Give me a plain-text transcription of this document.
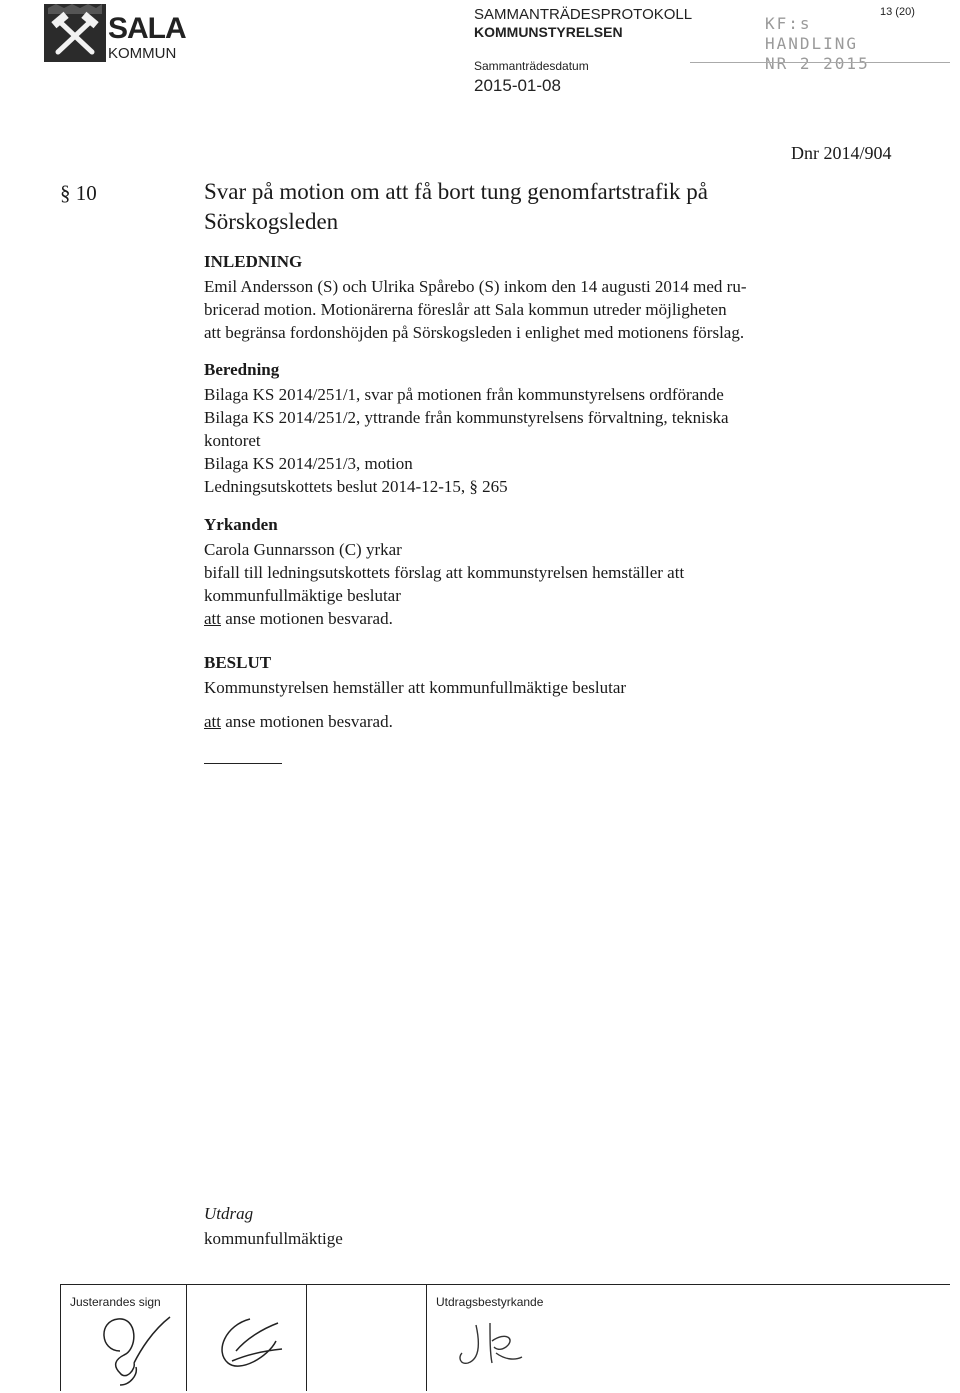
SALA
KOMMUN
SAMMANTRÄDESPROTOKOLL
KOMMUNSTYRELSEN
Sammanträdesdatum
2015-01-08
13 (20)
KF:s
HANDLING
NR 2 2015
Dnr 2014/904
§ 10	Svar på motion om att få bort tung genomfartstrafik på
Sörskogsleden
INLEDNING
Emil Andersson (S) och Ulrika Spårebo (S) inkom den 14 augusti 2014 med ru-
bricerad motion. Motionärerna föreslår att Sala kommun utreder möjligheten
att begränsa fordonshöjden på Sörskogsleden i enlighet med motionens förslag.
Beredning
Bilaga KS 2014/251/1, svar på motionen från kommunstyrelsens ordförande
Bilaga KS 2014/251/2, yttrande från kommunstyrelsens förvaltning, tekniska
kontoret
Bilaga KS 2014/251/3, motion
Ledningsutskottets beslut 2014-12-15, § 265
Yrkanden
Carola Gunnarsson (C) yrkar
bifall till ledningsutskottets förslag att kommunstyrelsen hemställer att
kommunfullmäktige beslutar
att anse motionen besvarad.
BESLUT
Kommunstyrelsen hemställer att kommunfullmäktige beslutar
att anse motionen besvarad.
Utdrag
kommunfullmäktige
Justerandes sign	Utdragsbestyrkande
